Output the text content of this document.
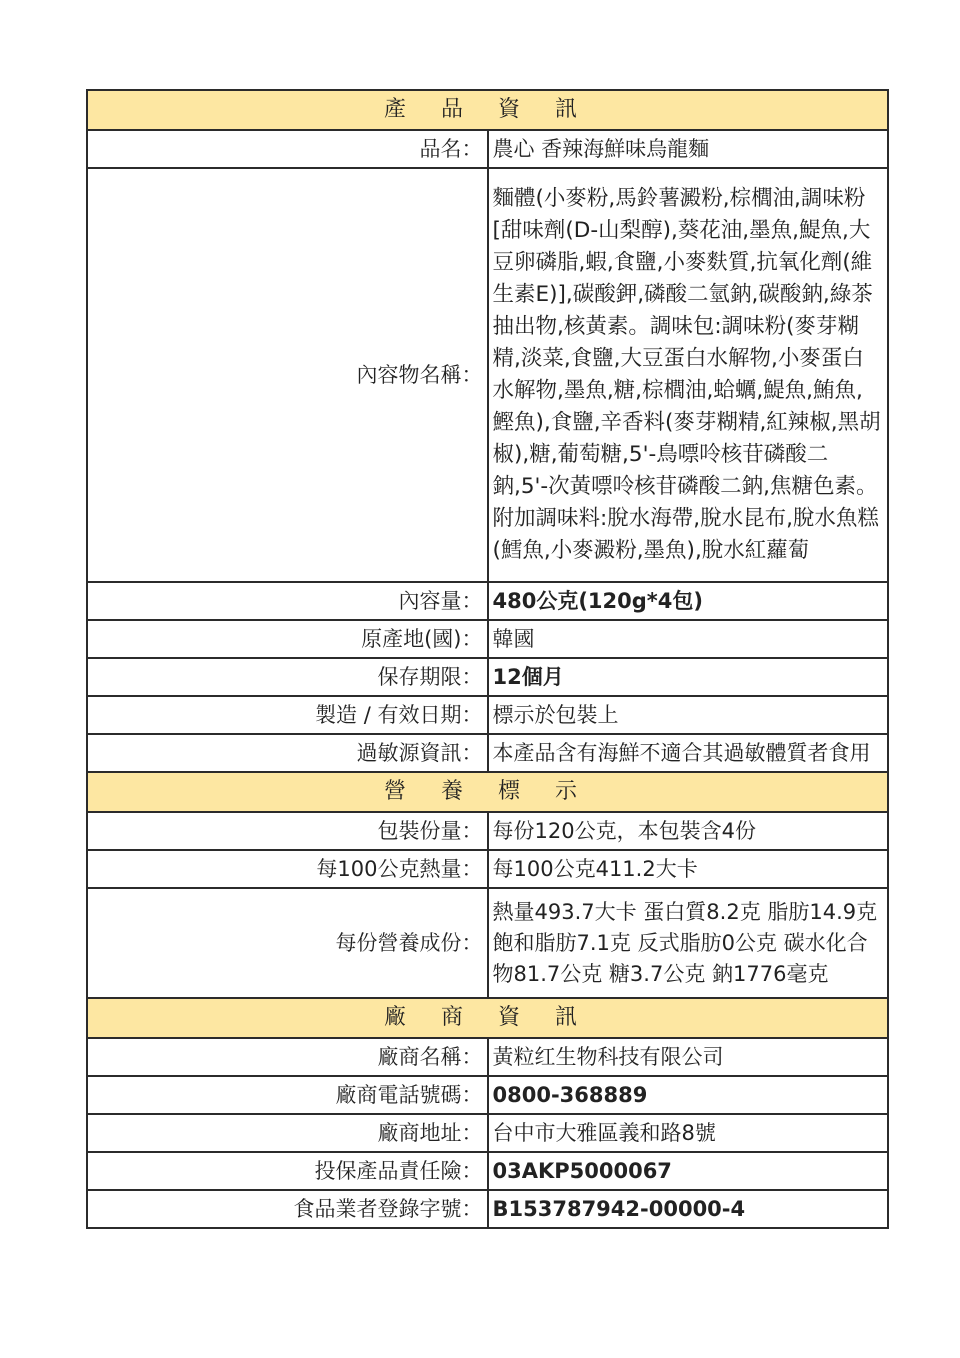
產 品 資 訊	
品名：	農心 香辣海鮮味烏龍麵
內容物名稱：	麵體(小麥粉,馬鈴薯澱粉,棕櫚油,調味粉[甜味劑(D-山梨醇),葵花油,墨魚,鯷魚,大豆卵磷脂,蝦,食鹽,小麥麩質,抗氧化劑(維生素E)],碳酸鉀,磷酸二氫鈉,碳酸鈉,綠茶抽出物,核黃素。調味包:調味粉(麥芽糊精,淡菜,食鹽,大豆蛋白水解物,小麥蛋白水解物,墨魚,糖,棕櫚油,蛤蠣,鯷魚,鮪魚,鰹魚),食鹽,辛香料(麥芽糊精,紅辣椒,黑胡椒),糖,葡萄糖,5'-鳥嘌呤核苷磷酸二鈉,5'-次黃嘌呤核苷磷酸二鈉,焦糖色素。附加調味料:脫水海帶,脫水昆布,脫水魚糕(鱈魚,小麥澱粉,墨魚),脫水紅蘿蔔
內容量：	480公克(120g*4包)
原產地(國)：	韓國
保存期限：	12個月
製造 / 有效日期：	標示於包裝上
過敏源資訊：	本產品含有海鮮不適合其過敏體質者食用
營 養 標 示	
包裝份量：	每份120公克，本包裝含4份
每100公克熱量：	每100公克411.2大卡
每份營養成份：	熱量493.7大卡 蛋白質8.2克 脂肪14.9克 飽和脂肪7.1克 反式脂肪0公克 碳水化合物81.7公克 糖3.7公克 鈉1776毫克
廠 商 資 訊	
廠商名稱：	黃粒红生物科技有限公司
廠商電話號碼：	0800-368889
廠商地址：	台中市大雅區義和路8號
投保產品責任險：	03AKP5000067
食品業者登錄字號：	B153787942-00000-4
